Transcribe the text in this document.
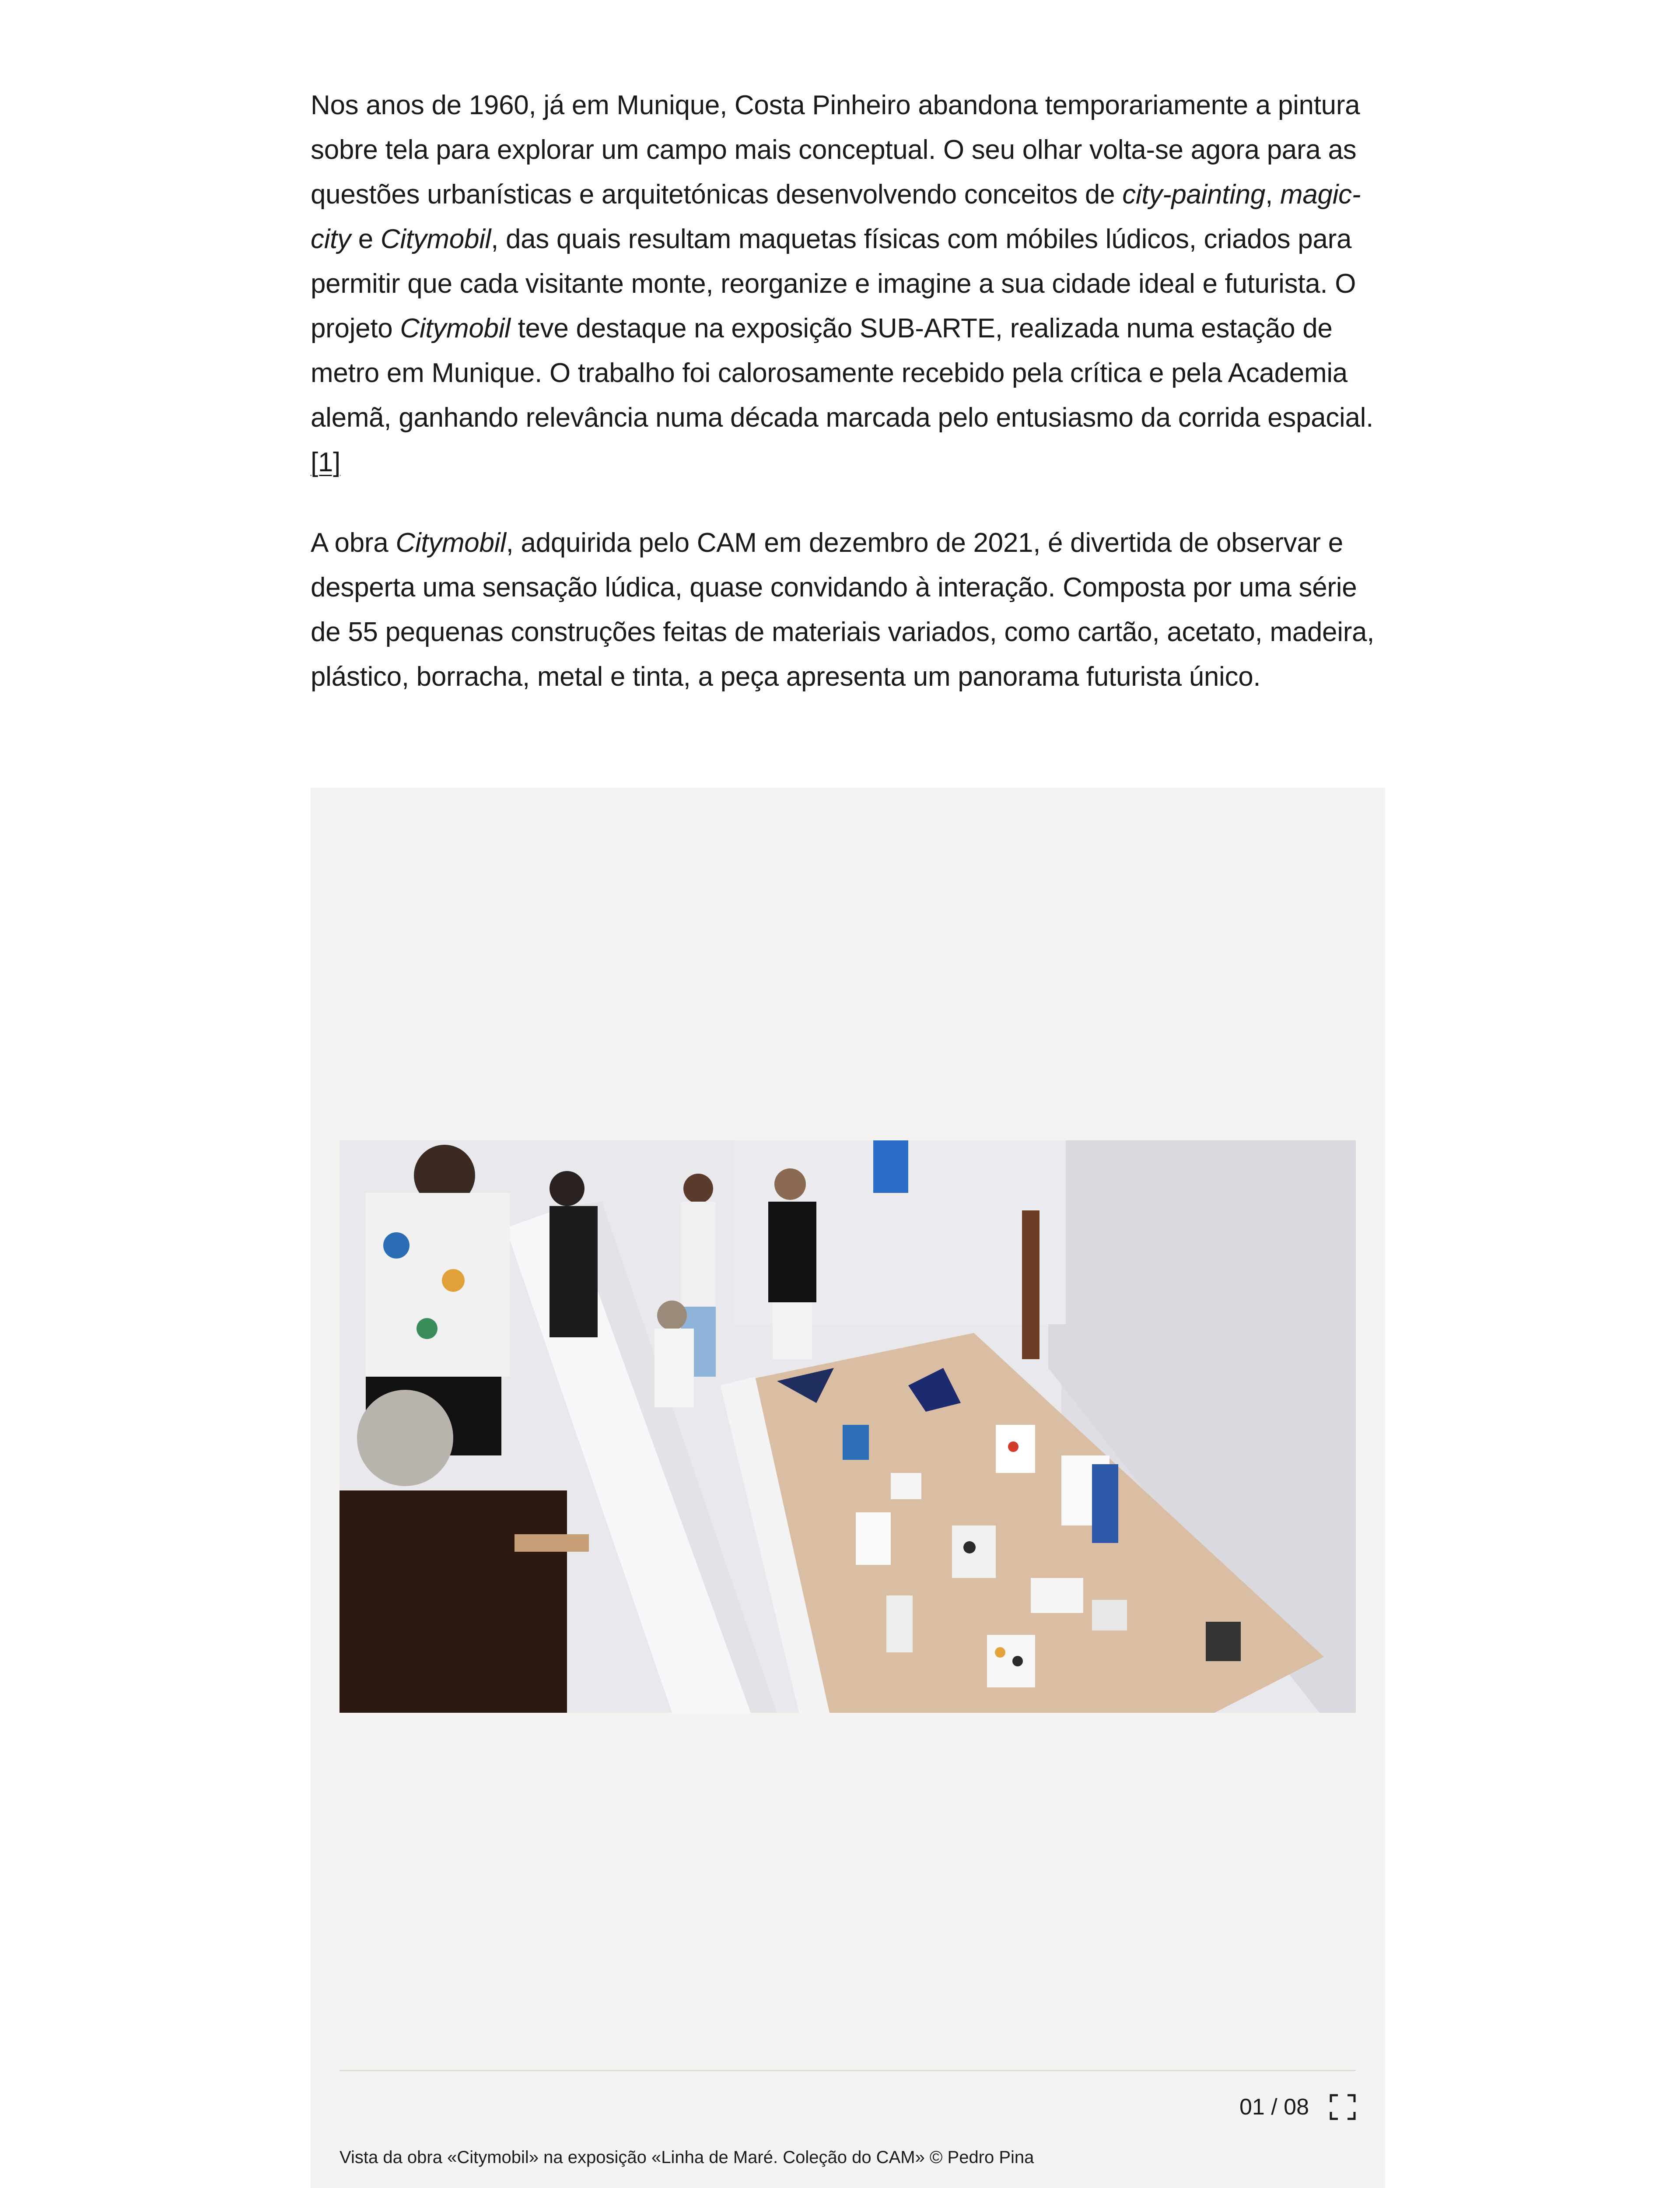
Nos anos de 1960, já em Munique, Costa Pinheiro abandona temporariamente a pintura sobre tela para explorar um campo mais conceptual. O seu olhar volta-se agora para as questões urbanísticas e arquitetónicas desenvolvendo conceitos de city-painting, magic-city e Citymobil, das quais resultam maquetas físicas com móbiles lúdicos, criados para permitir que cada visitante monte, reorganize e imagine a sua cidade ideal e futurista. O projeto Citymobil teve destaque na exposição SUB-ARTE, realizada numa estação de metro em Munique. O trabalho foi calorosamente recebido pela crítica e pela Academia alemã, ganhando relevância numa década marcada pelo entusiasmo da corrida espacial.[1]

A obra Citymobil, adquirida pelo CAM em dezembro de 2021, é divertida de observar e desperta uma sensação lúdica, quase convidando à interação. Composta por uma série de 55 pequenas construções feitas de materiais variados, como cartão, acetato, madeira, plástico, borracha, metal e tinta, a peça apresenta um panorama futurista único.

01 / 08
Vista da obra «Citymobil» na exposição «Linha de Maré. Coleção do CAM» © Pedro Pina
